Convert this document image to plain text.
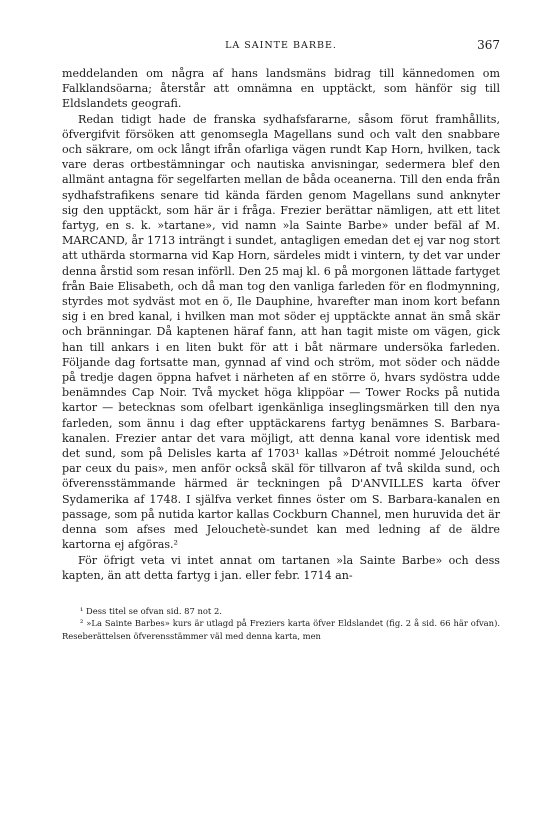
LA SAINTE BARBE.	367

meddelanden om några af hans landsmäns bidrag till kännedomen om Falklandsöarna; återstår att omnämna en upptäckt, som hänför sig till Eldslandets geografi.

Redan tidigt hade de franska sydhafsfararne, såsom förut framhållits, öfvergifvit försöken att genomsegla Magellans sund och valt den snabbare och säkrare, om ock långt ifrån ofarliga vägen rundt Kap Horn, hvilken, tack vare deras ortbestämningar och nautiska anvisningar, sedermera blef den allmänt antagna för segelfarten mellan de båda oceanerna. Till den enda från sydhafstrafikens senare tid kända färden genom Magellans sund anknyter sig den upptäckt, som här är i fråga. Frezier berättar nämligen, att ett litet fartyg, en s. k. »tartane», vid namn »la Sainte Barbe» under befäl af M. MARCAND, år 1713 inträngt i sundet, antagligen emedan det ej var nog stort att uthärda stormarna vid Kap Horn, särdeles midt i vintern, ty det var under denna årstid som resan införll. Den 25 maj kl. 6 på morgonen lättade fartyget från Baie Elisabeth, och då man tog den vanliga farleden för en flodmynning, styrdes mot sydväst mot en ö, Ile Dauphine, hvarefter man inom kort befann sig i en bred kanal, i hvilken man mot söder ej upptäckte annat än små skär och bränningar. Då kaptenen häraf fann, att han tagit miste om vägen, gick han till ankars i en liten bukt för att i båt närmare undersöka farleden. Följande dag fortsatte man, gynnad af vind och ström, mot söder och nädde på tredje dagen öppna hafvet i närheten af en större ö, hvars sydöstra udde benämndes Cap Noir. Två mycket höga klippöar — Tower Rocks på nutida kartor — betecknas som ofelbart igenkänliga inseglingsmärken till den nya farleden, som ännu i dag efter upptäckarens fartyg benämnes S. Barbara-kanalen. Frezier antar det vara möjligt, att denna kanal vore identisk med det sund, som på Delisles karta af 1703¹ kallas »Détroit nommé Jelouchété par ceux du pais», men anför också skäl för tillvaron af två skilda sund, och öfverensstämmande härmed är teckningen på D'ANVILLES karta öfver Sydamerika af 1748. I själfva verket finnes öster om S. Barbara-kanalen en passage, som på nutida kartor kallas Cockburn Channel, men huruvida det är denna som afses med Jelouchetè-sundet kan med ledning af de äldre kartorna ej afgöras.²

För öfrigt veta vi intet annat om tartanen »la Sainte Barbe» och dess kapten, än att detta fartyg i jan. eller febr. 1714 an-

¹ Dess titel se ofvan sid. 87 not 2.

² »La Sainte Barbes» kurs är utlagd på Freziers karta öfver Eldslandet (fig. 2 å sid. 66 här ofvan). Reseberättelsen öfverensstämmer väl med denna karta, men
